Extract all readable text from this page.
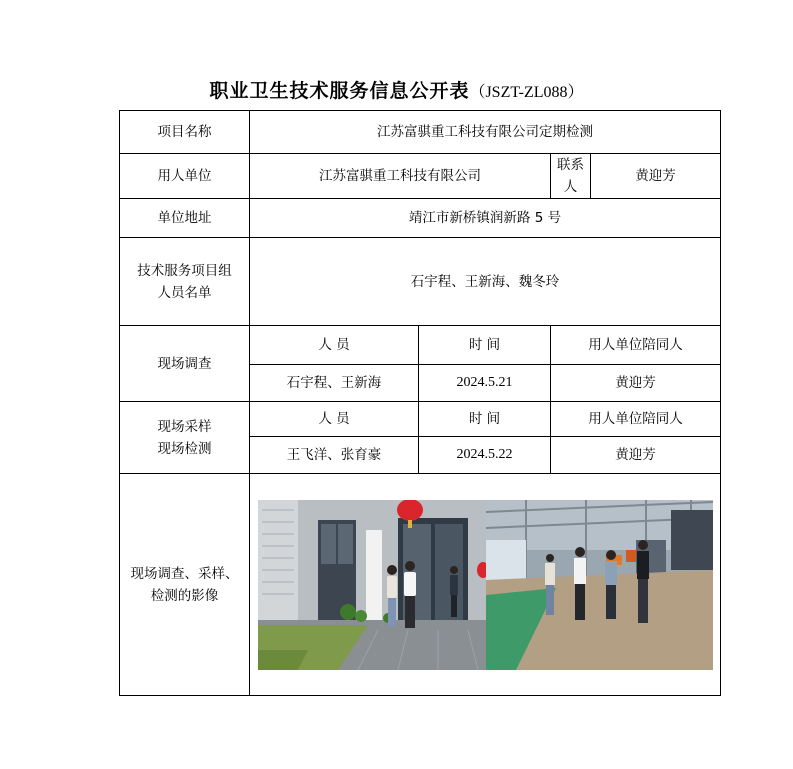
职业卫生技术服务信息公开表（JSZT-ZL088）
项目名称	江苏富骐重工科技有限公司定期检测			
用人单位	江苏富骐重工科技有限公司		联系人	黄迎芳
单位地址	靖江市新桥镇润新路 5 号			

技术服务项目组
人员名单	石宇程、王新海、魏冬玲			
现场调查	人 员	时 间	用人单位陪同人	
	石宇程、王新海	2024.5.21	黄迎芳	

现场采样
现场检测	人 员	时 间	用人单位陪同人	
	王飞洋、张育豪	2024.5.22	黄迎芳	

现场调查、采样、
检测的影像
